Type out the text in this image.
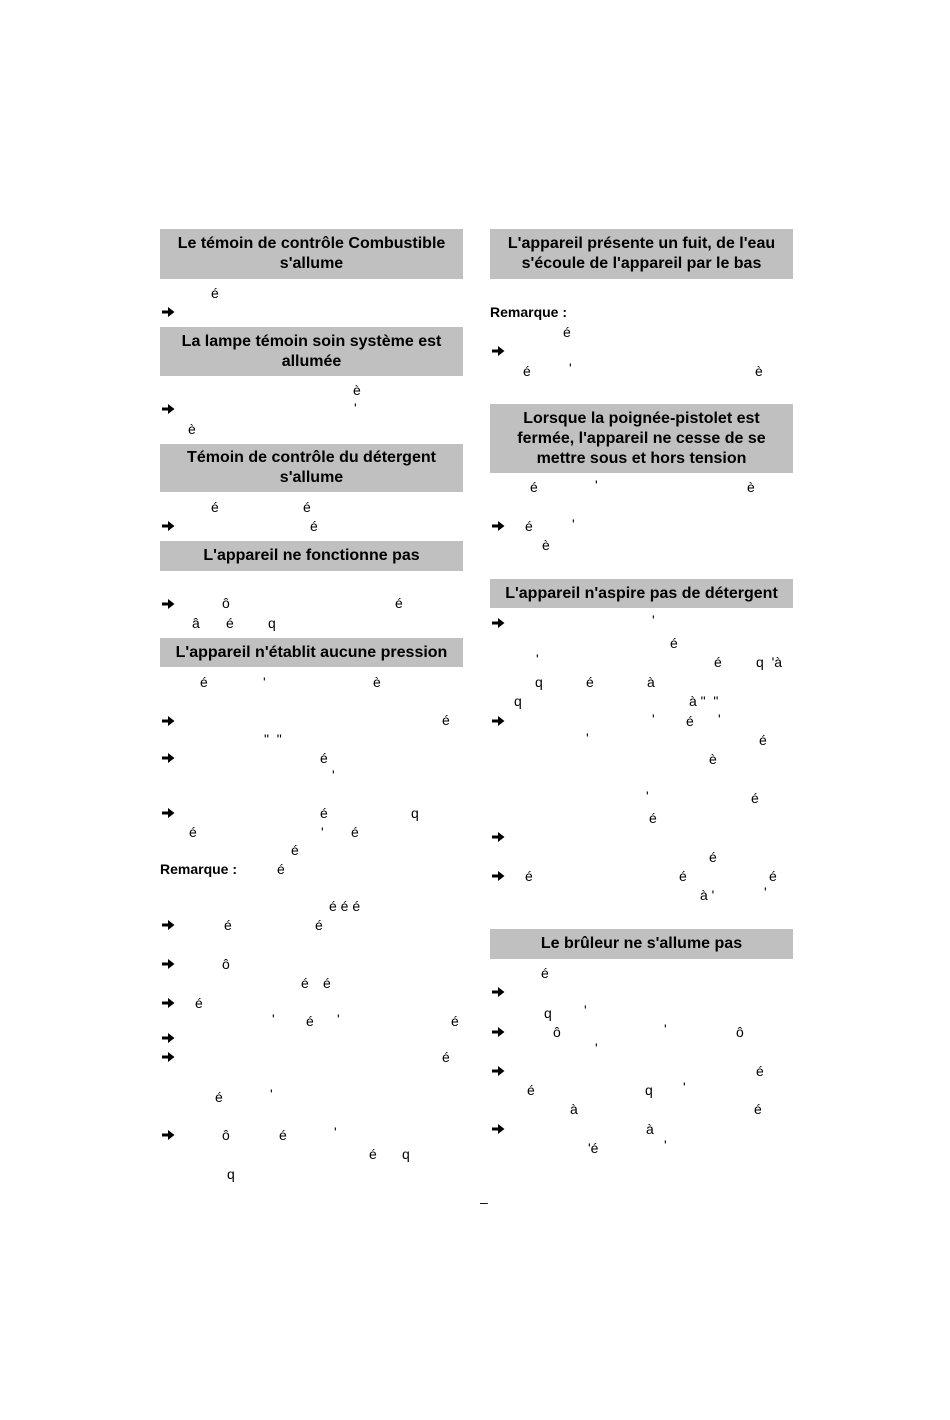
Le témoin de contrôle Combustible
s'allume
é
La lampe témoin soin système est
allumée
è
'
è
Témoin de contrôle du détergent
s'allume
é	é
é
L'appareil ne fonctionne pas
ô	é
â é q
L'appareil n'établit aucune pression
é	'	è
é
"  "
é
'
é	q
é	' é
é
Remarque :	é
é é é
é	é
ô
é é
é
' é '	é
é
é	'
ô	é	'
é q
q
L'appareil présente un fuit, de l'eau
s'écoule de l'appareil par le bas
Remarque :
é
é	'	è
Lorsque la poignée-pistolet est
fermée, l'appareil ne cesse de se
mettre sous et hors tension
é	'	è
é	'
è
L'appareil n'aspire pas de détergent
'
é
'	é q  'à
q	é	à
q	à "  "
' é '
'	é
è
'	é
é
é
é	é	é
à '	'
Le brûleur ne s'allume pas
é
q '
ô	'	ô
'
é
é	q '
à	é
à
'é	'
–
